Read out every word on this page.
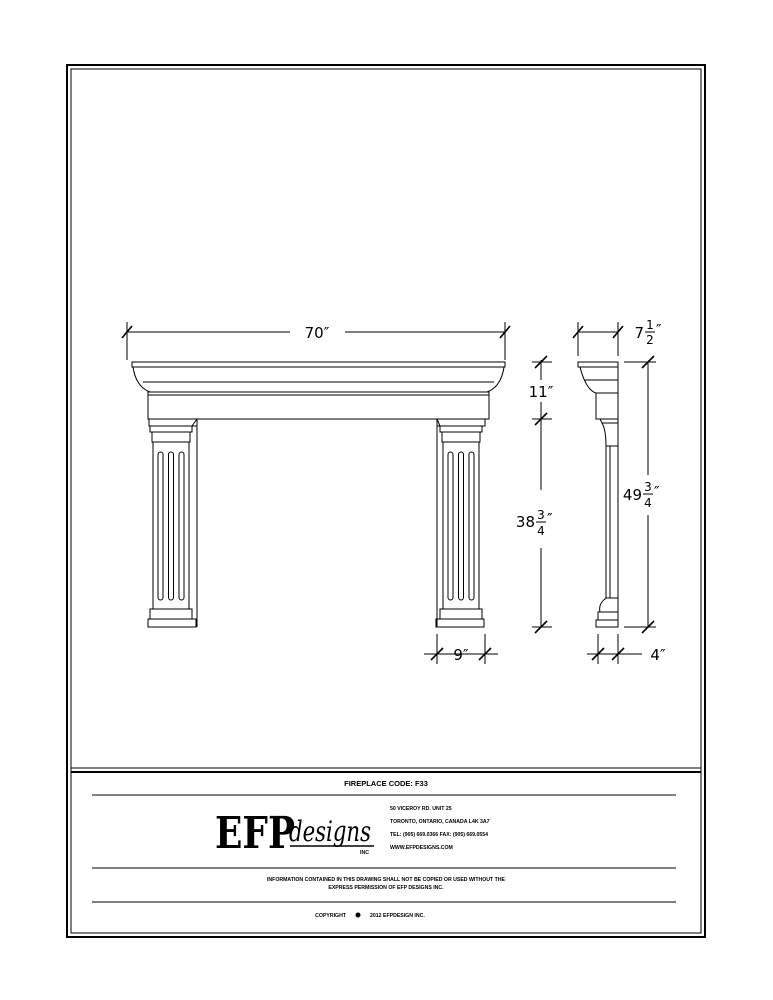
70″
11″
38 3
4
″
49 3
4
″
7 1
2
″
9″	4″
FIREPLACE CODE: F33
EFP
designs
INC
50 VICEROY RD. UNIT 25
TORONTO, ONTARIO, CANADA L4K 3A7
TEL: (905) 669.0366 FAX: (905) 669.0554
WWW.EFPDESIGNS.COM
INFORMATION CONTAINED IN THIS DRAWING SHALL NOT BE COPIED OR USED WITHOUT THE
EXPRESS PERMISSION OF EFP DESIGNS INC.
COPYRIGHT	2012 EFPDESIGN INC.
